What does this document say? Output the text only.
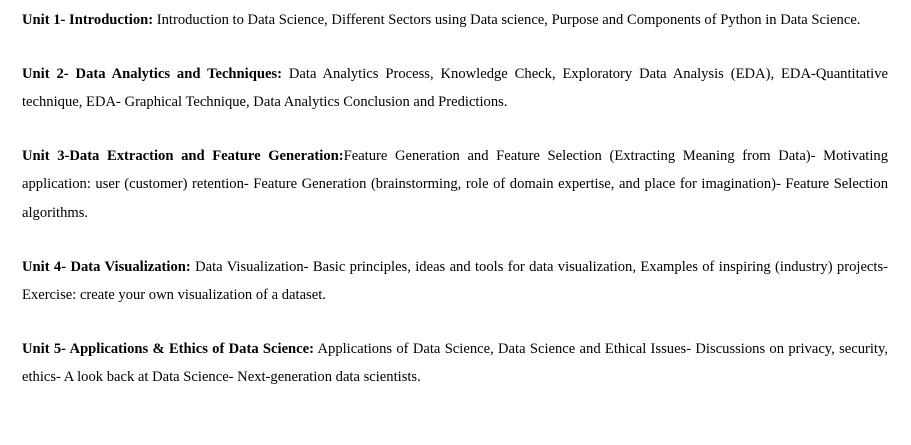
Unit 1- Introduction: Introduction to Data Science, Different Sectors using Data science, Purpose and Components of Python in Data Science.

Unit 2- Data Analytics and Techniques: Data Analytics Process, Knowledge Check, Exploratory Data Analysis (EDA), EDA-Quantitative technique, EDA- Graphical Technique, Data Analytics Conclusion and Predictions.

Unit 3-Data Extraction and Feature Generation:Feature Generation and Feature Selection (Extracting Meaning from Data)- Motivating application: user (customer) retention- Feature Generation (brainstorming, role of domain expertise, and place for imagination)- Feature Selection algorithms.

Unit 4- Data Visualization: Data Visualization- Basic principles, ideas and tools for data visualization, Examples of inspiring (industry) projects- Exercise: create your own visualization of a dataset.

Unit 5- Applications & Ethics of Data Science: Applications of Data Science, Data Science and Ethical Issues- Discussions on privacy, security, ethics- A look back at Data Science- Next-generation data scientists.
